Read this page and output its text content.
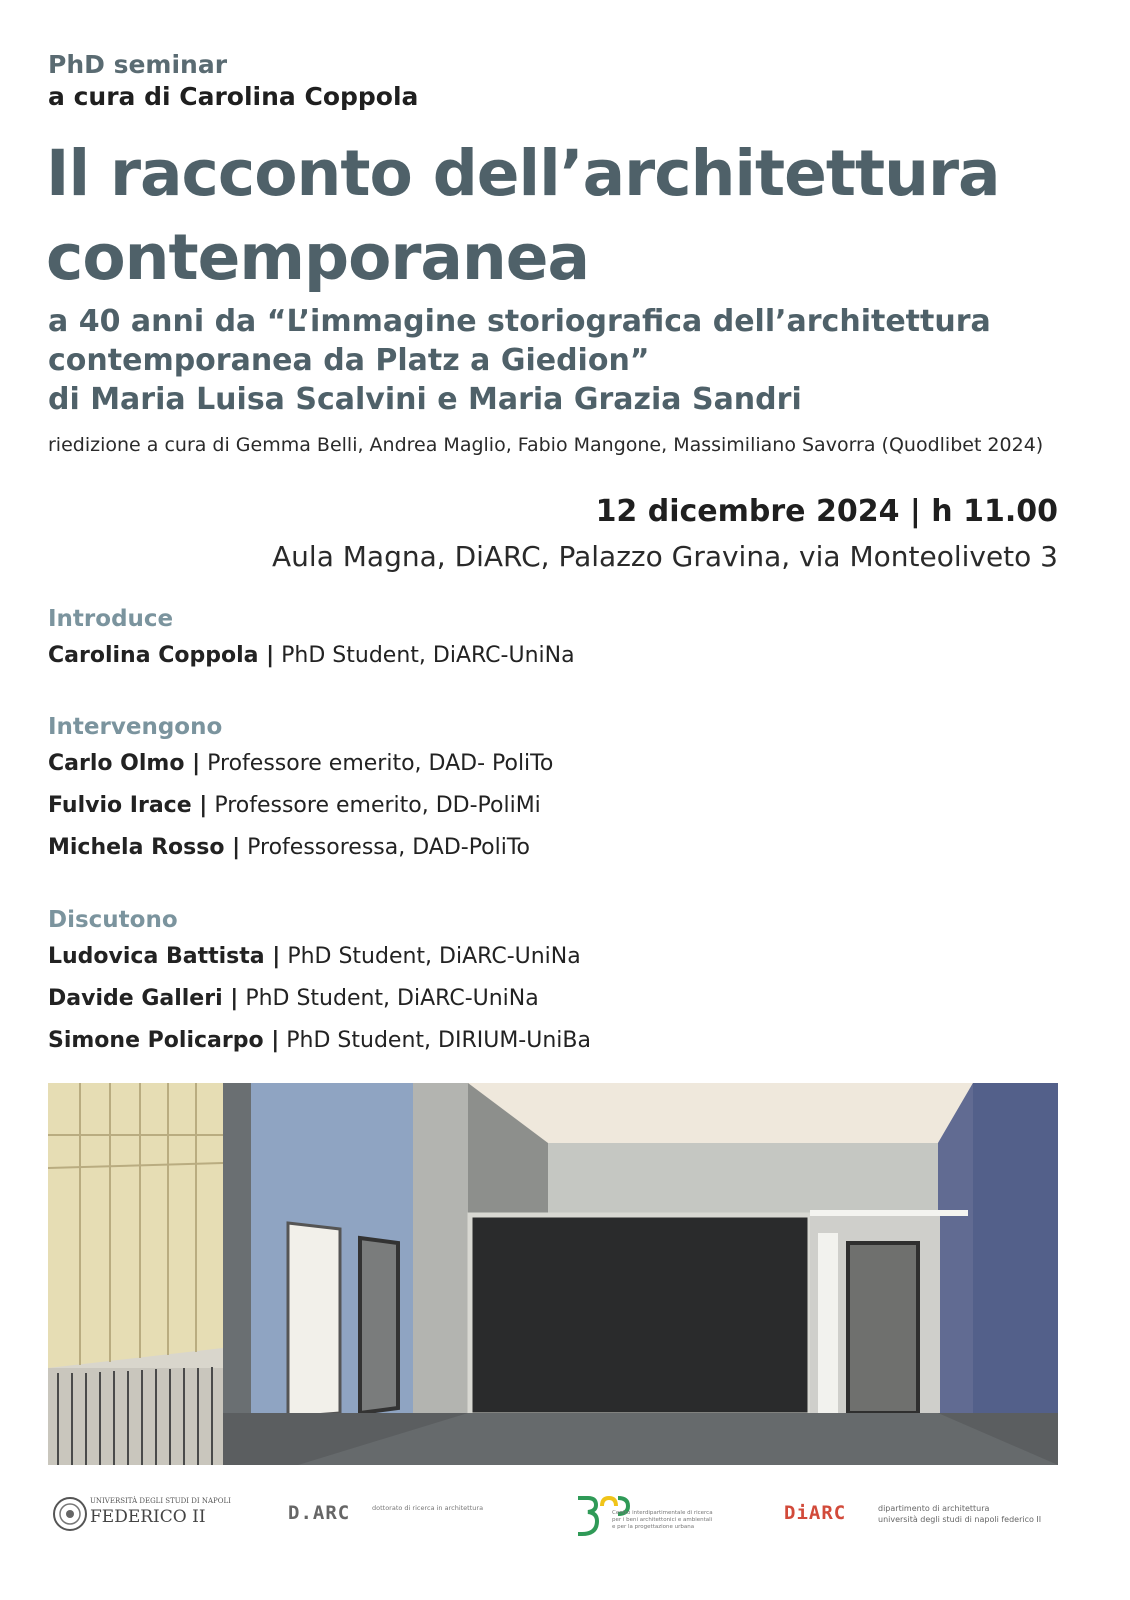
PhD seminar
a cura di Carolina Coppola
Il racconto dell’architettura
contemporanea
a 40 anni da “L’immagine storiografica dell’architettura
contemporanea da Platz a Giedion”
di Maria Luisa Scalvini e Maria Grazia Sandri
riedizione a cura di Gemma Belli, Andrea Maglio, Fabio Mangone, Massimiliano Savorra (Quodlibet 2024)
12 dicembre 2024 | h 11.00
Aula Magna, DiARC, Palazzo Gravina, via Monteoliveto 3
Introduce
Carolina Coppola | PhD Student, DiARC-UniNa
Intervengono
Carlo Olmo | Professore emerito, DAD- PoliTo
Fulvio Irace | Professore emerito, DD-PoliMi
Michela Rosso | Professoressa, DAD-PoliTo
Discutono
Ludovica Battista | PhD Student, DiARC-UniNa
Davide Galleri | PhD Student, DiARC-UniNa
Simone Policarpo | PhD Student, DIRIUM-UniBa
UNIVERSITÀ DEGLI STUDI DI NAPOLI
FEDERICO II	D.ARC	dottorato di ricerca in architettura
Centro interdipartimentale di ricerca
per i beni architettonici e ambientali
e per la progettazione urbana
DiARC	dipartimento di architettura
università degli studi di napoli federico II
